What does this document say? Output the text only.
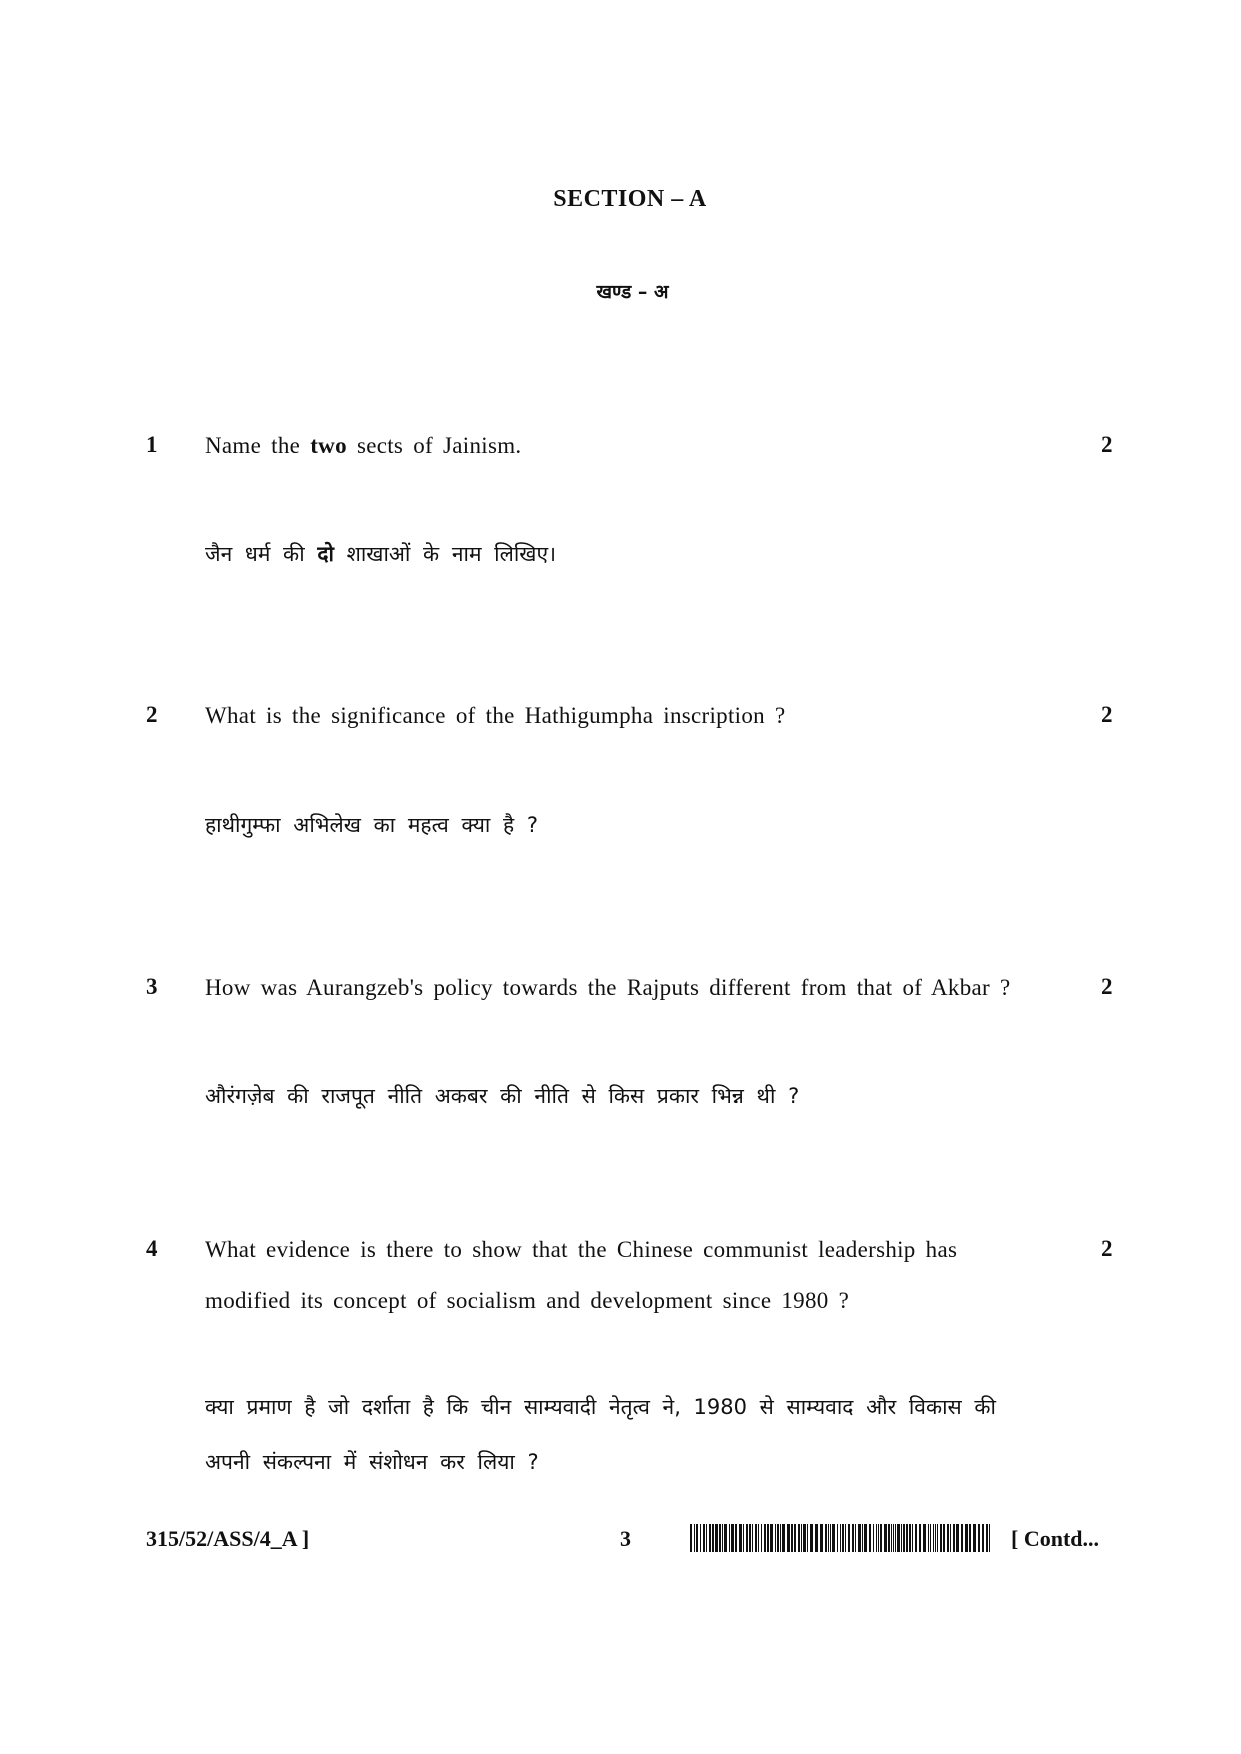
SECTION – A
खण्ड – अ
1 Name the two sects of Jainism.	2
जैन धर्म की दो शाखाओं के नाम लिखिए।
2 What is the significance of the Hathigumpha inscription ?	2
हाथीगुम्फा अभिलेख का महत्व क्या है ?
3 How was Aurangzeb's policy towards the Rajputs different from that of Akbar ?	2
औरंगज़ेब की राजपूत नीति अकबर की नीति से किस प्रकार भिन्न थी ?
4 What evidence is there to show that the Chinese communist leadership has
modified its concept of socialism and development since 1980 ?
2
क्या प्रमाण है जो दर्शाता है कि चीन साम्यवादी नेतृत्व ने, 1980 से साम्यवाद और विकास की
अपनी संकल्पना में संशोधन कर लिया ?
315/52/ASS/4_A ]	3	[ Contd...
